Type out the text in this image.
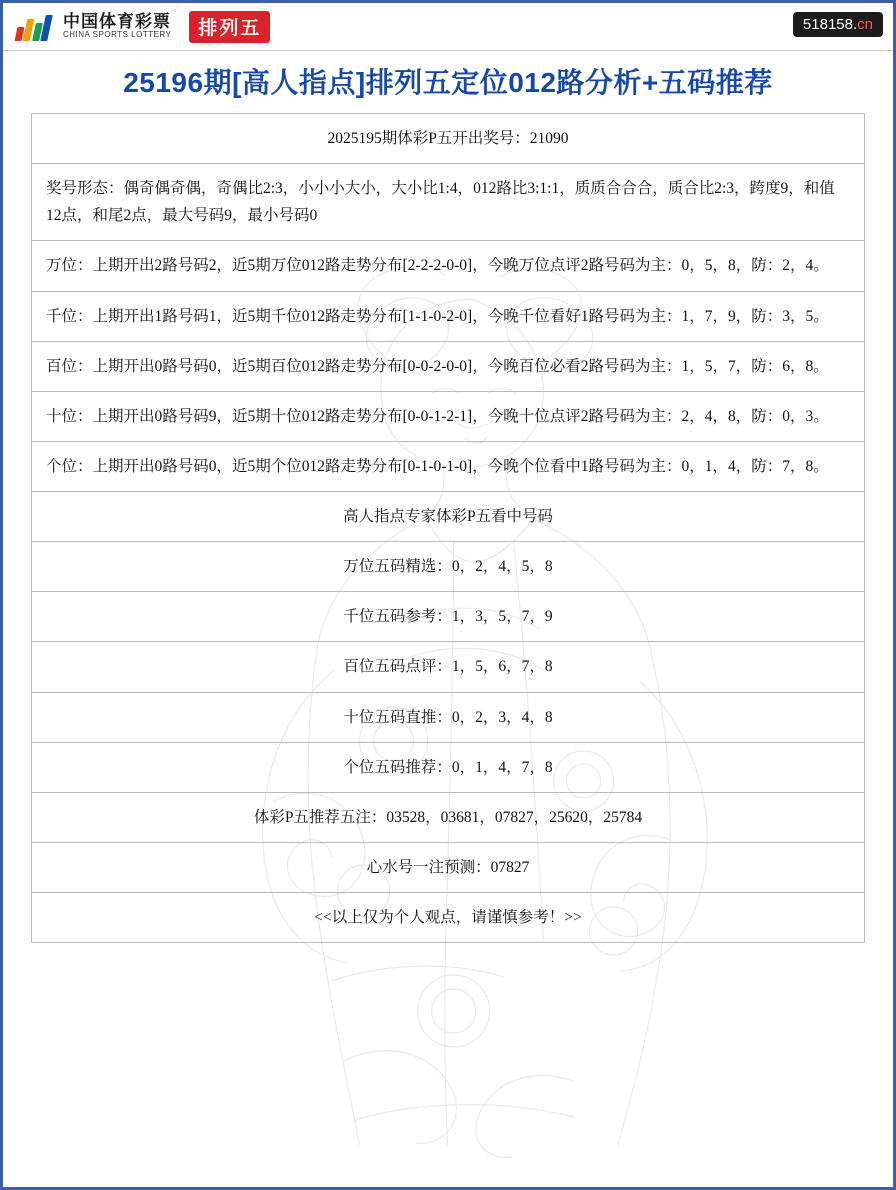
中国体育彩票
CHINA SPORTS LOTTERY	排列五	518158.cn
25196期[高人指点]排列五定位012路分析+五码推荐
2025195期体彩P五开出奖号：21090
奖号形态：偶奇偶奇偶，奇偶比2:3，小小小大小，大小比1:4，012路比3:1:1，质质合合合，质合比2:3，跨度9，和值12点，和尾2点，最大号码9，最小号码0
万位：上期开出2路号码2，近5期万位012路走势分布[2-2-2-0-0]，今晚万位点评2路号码为主：0，5，8，防：2，4。
千位：上期开出1路号码1，近5期千位012路走势分布[1-1-0-2-0]，今晚千位看好1路号码为主：1，7，9，防：3，5。
百位：上期开出0路号码0，近5期百位012路走势分布[0-0-2-0-0]，今晚百位必看2路号码为主：1，5，7，防：6，8。
十位：上期开出0路号码9，近5期十位012路走势分布[0-0-1-2-1]，今晚十位点评2路号码为主：2，4，8，防：0，3。
个位：上期开出0路号码0，近5期个位012路走势分布[0-1-0-1-0]，今晚个位看中1路号码为主：0，1，4，防：7，8。
高人指点专家体彩P五看中号码
万位五码精选：0，2，4，5，8
千位五码参考：1，3，5，7，9
百位五码点评：1，5，6，7，8
十位五码直推：0，2，3，4，8
个位五码推荐：0，1，4，7，8
体彩P五推荐五注：03528，03681，07827，25620，25784
心水号一注预测：07827
<<以上仅为个人观点，请谨慎参考！>>
